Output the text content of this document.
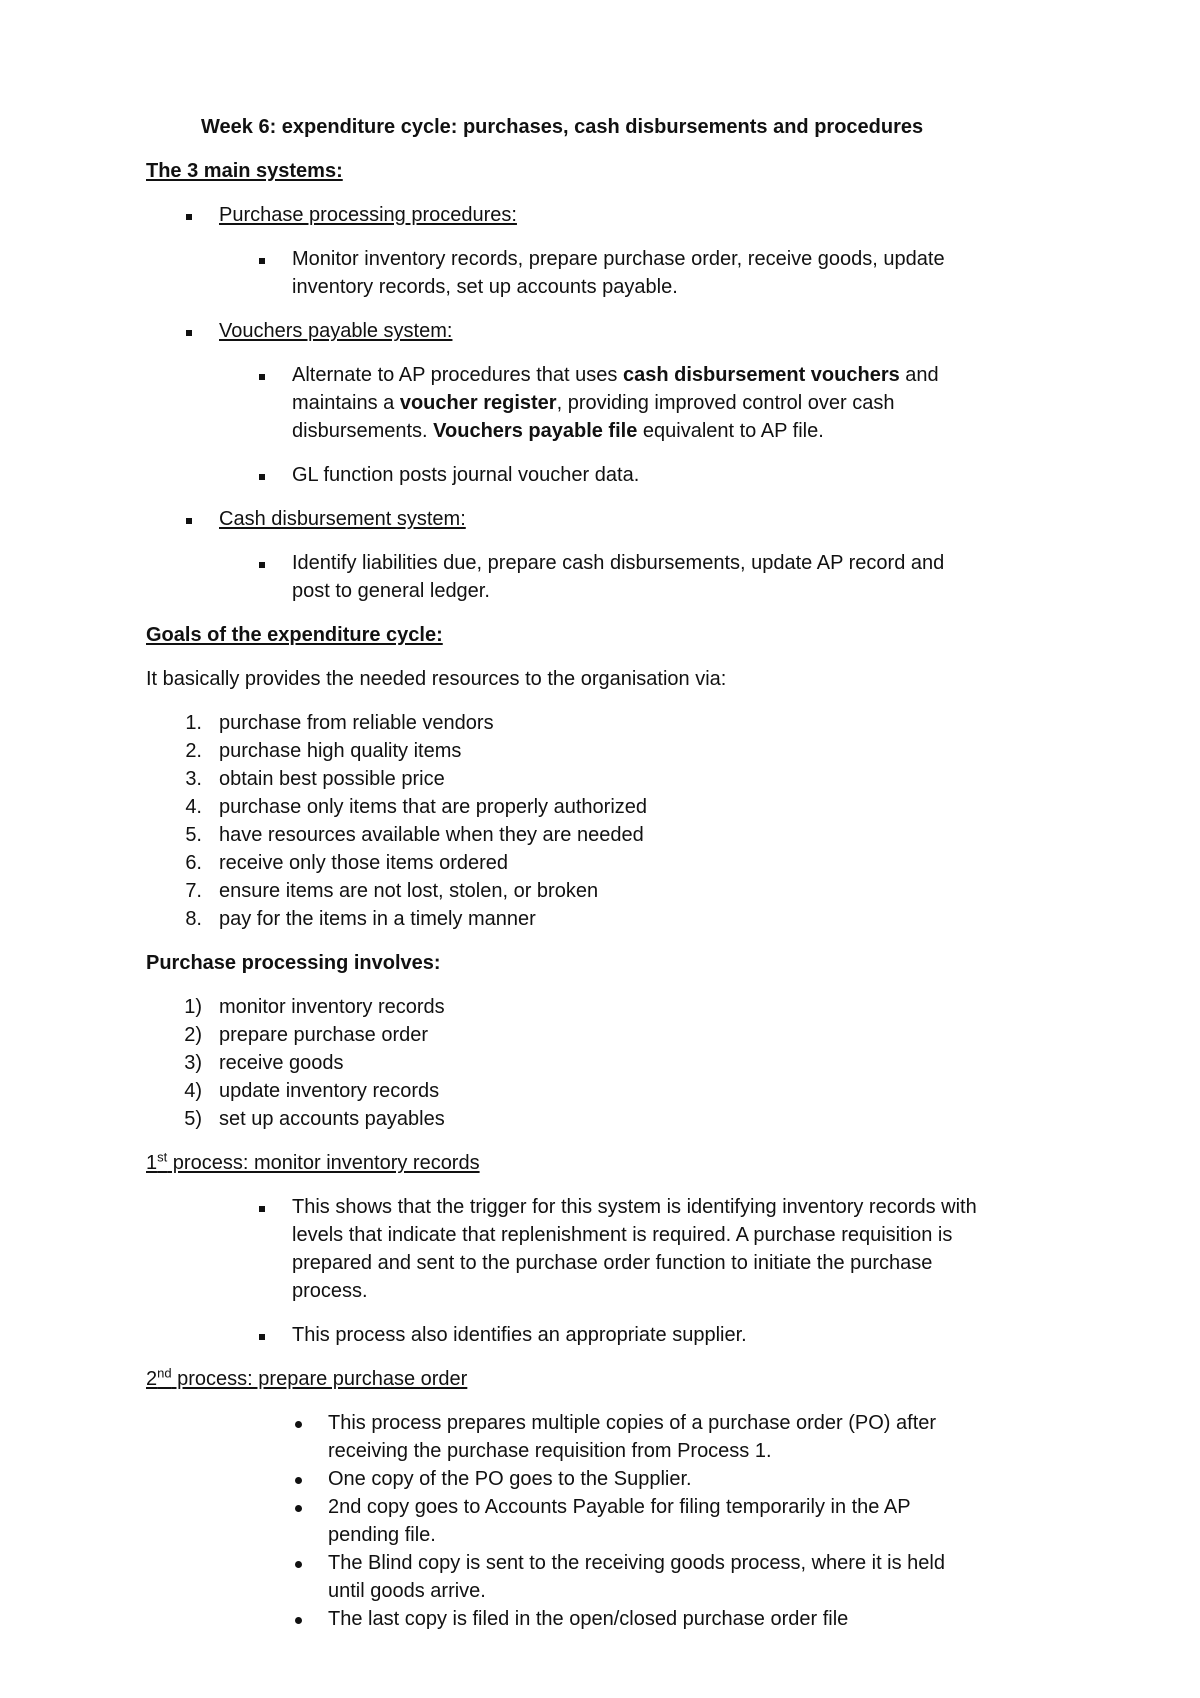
Week 6: expenditure cycle: purchases, cash disbursements and procedures
The 3 main systems:
Purchase processing procedures:
Monitor inventory records, prepare purchase order, receive goods, update
inventory records, set up accounts payable.
Vouchers payable system:
Alternate to AP procedures that uses cash disbursement vouchers and
maintains a voucher register, providing improved control over cash
disbursements. Vouchers payable file equivalent to AP file.
GL function posts journal voucher data.
Cash disbursement system:
Identify liabilities due, prepare cash disbursements, update AP record and
post to general ledger.
Goals of the expenditure cycle:
It basically provides the needed resources to the organisation via:
1. purchase from reliable vendors
2. purchase high quality items
3. obtain best possible price
4. purchase only items that are properly authorized
5. have resources available when they are needed
6. receive only those items ordered
7. ensure items are not lost, stolen, or broken
8. pay for the items in a timely manner
Purchase processing involves:
1) monitor inventory records
2) prepare purchase order
3) receive goods
4) update inventory records
5) set up accounts payables
1st process: monitor inventory records
This shows that the trigger for this system is identifying inventory records with
levels that indicate that replenishment is required. A purchase requisition is
prepared and sent to the purchase order function to initiate the purchase
process.
This process also identifies an appropriate supplier.
2nd process: prepare purchase order
This process prepares multiple copies of a purchase order (PO) after
receiving the purchase requisition from Process 1.
One copy of the PO goes to the Supplier.
2nd copy goes to Accounts Payable for filing temporarily in the AP
pending file.
The Blind copy is sent to the receiving goods process, where it is held
until goods arrive.
The last copy is filed in the open/closed purchase order file
